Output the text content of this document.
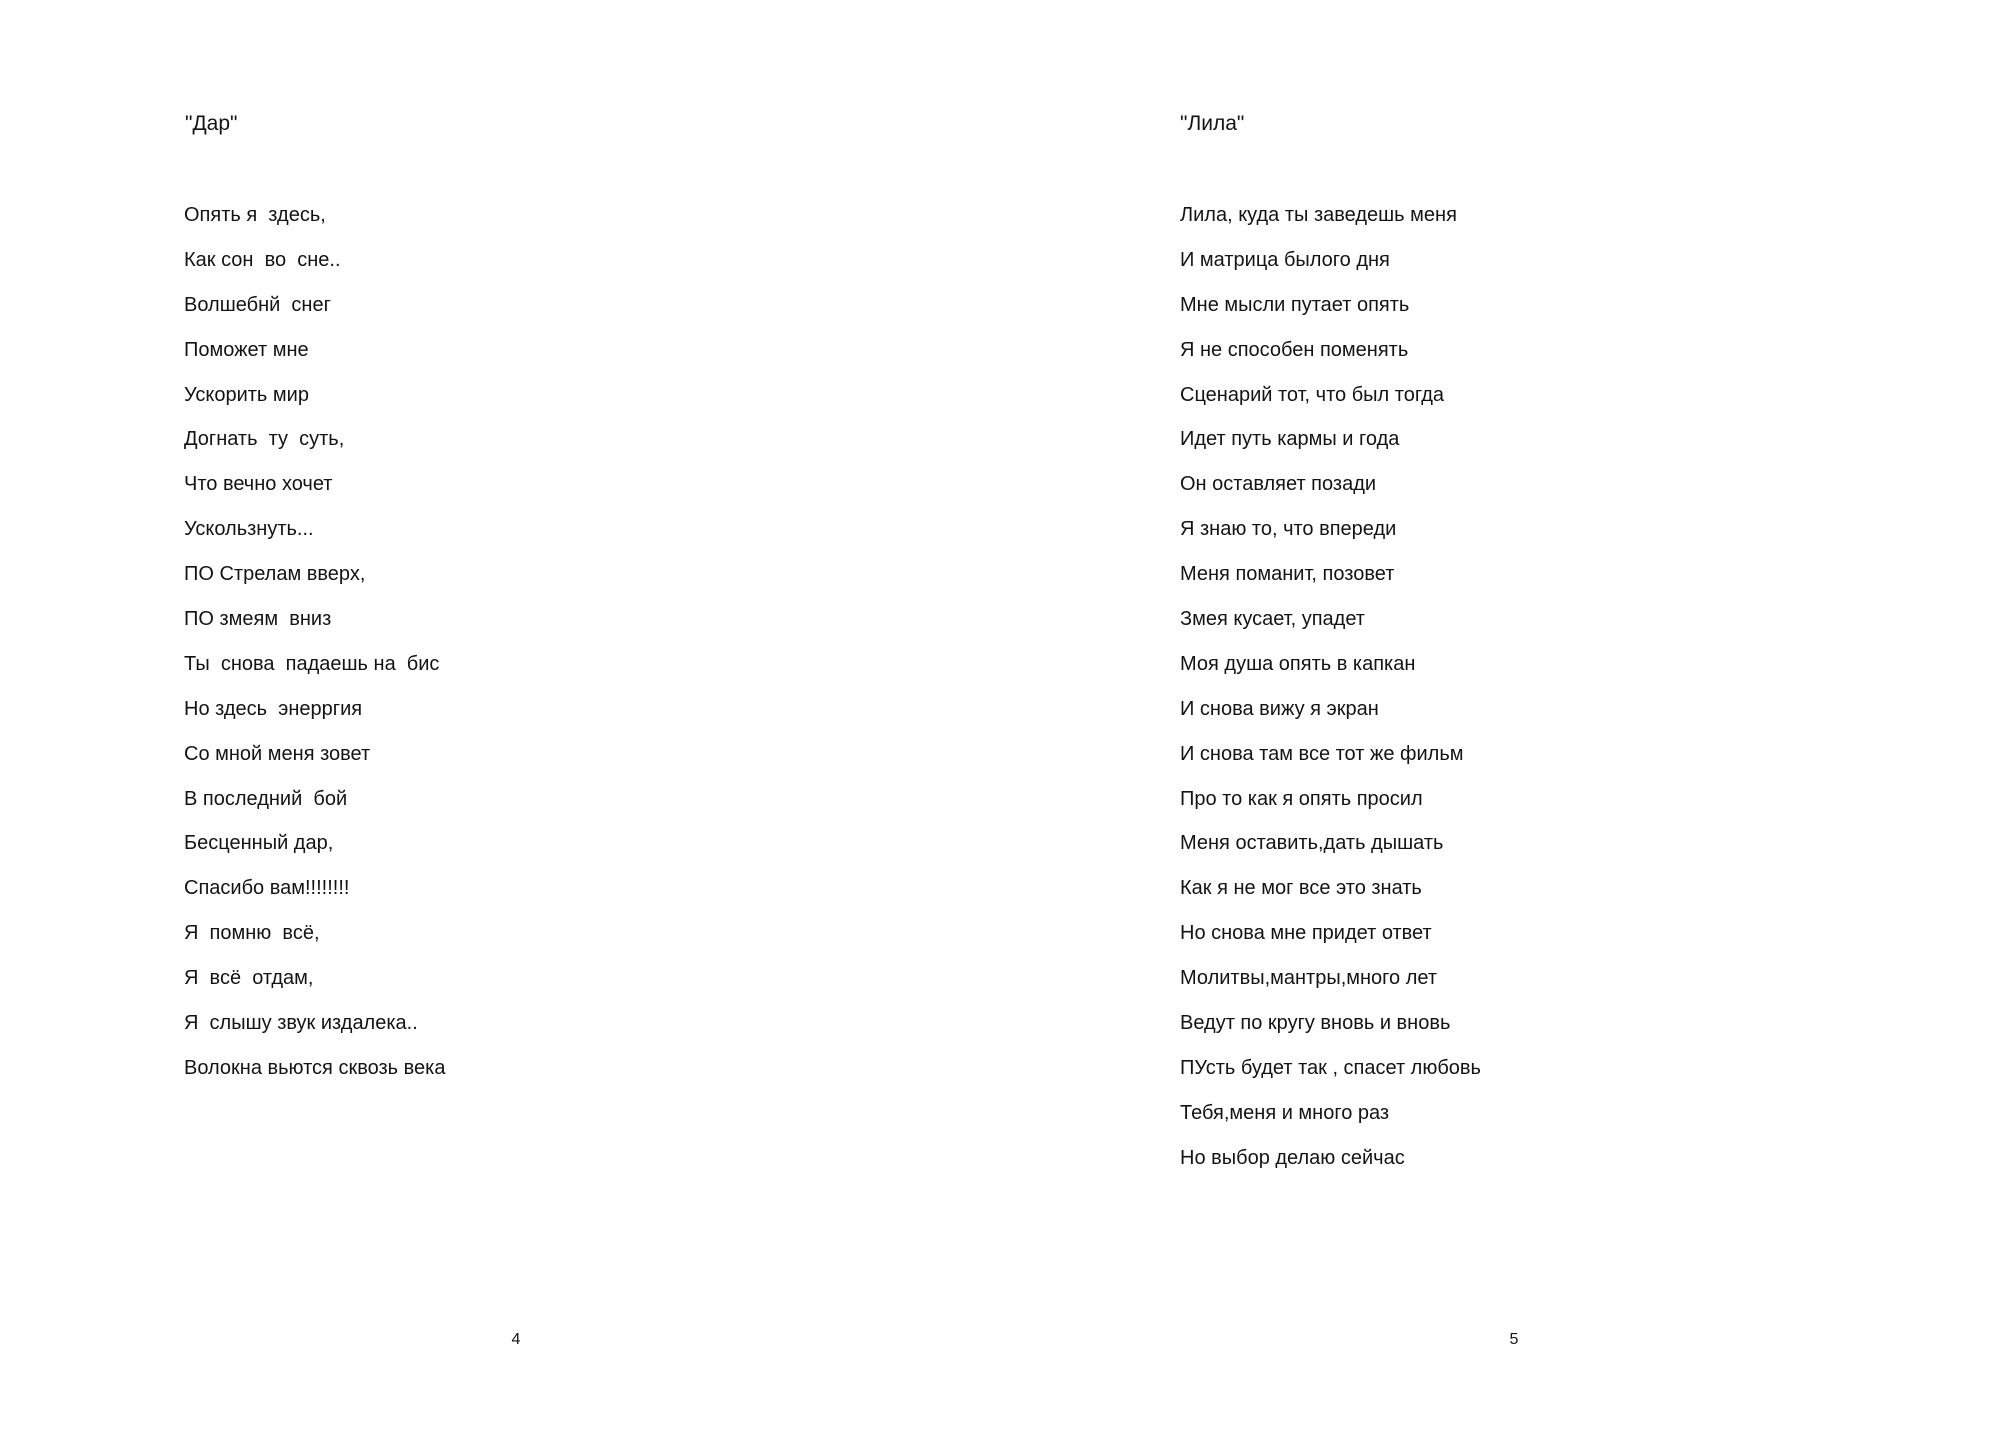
"Дар"
Опять я  здесь,
Как сон  во  сне..
Волшебнй  снег
Поможет мне
Ускорить мир
Догнать  ту  суть,
Что вечно хочет
Ускользнуть...
ПО Стрелам вверх,
ПО змеям  вниз
Ты  снова  падаешь на  бис
Но здесь  энерргия
Со мной меня зовет
В последний  бой
Бесценный дар,
Спасибо вам!!!!!!!!
Я  помню  всё,
Я  всё  отдам,
Я  слышу звук издалека..
Волокна вьются сквозь века
4
"Лила"
Лила, куда ты заведешь меня
И матрица былого дня
Мне мысли путает опять
Я не способен поменять
Сценарий тот, что был тогда
Идет путь кармы и года
Он оставляет позади
Я знаю то, что впереди
Меня поманит, позовет
Змея кусает, упадет
Моя душа опять в капкан
И снова вижу я экран
И снова там все тот же фильм
Про то как я опять просил
Меня оставить,дать дышать
Как я не мог все это знать
Но снова мне придет ответ
Молитвы,мантры,много лет
Ведут по кругу вновь и вновь
ПУсть будет так , спасет любовь
Тебя,меня и много раз
Но выбор делаю сейчас
5
